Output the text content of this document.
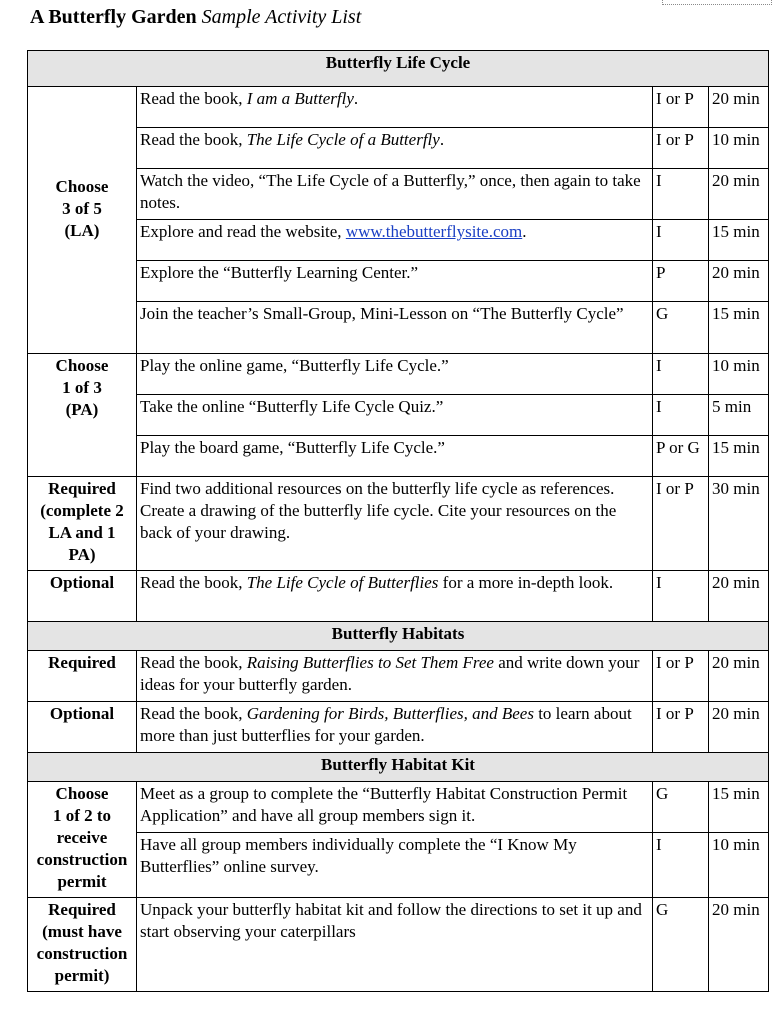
A Butterfly Garden Sample Activity List
Butterfly Life Cycle			
Choose
3 of 5
(LA)	Read the book, I am a Butterfly.	I or P	20 min
	Read the book, The Life Cycle of a Butterfly.	I or P	10 min
	Watch the video, “The Life Cycle of a Butterfly,” once, then again to take notes.	I	20 min
	Explore and read the website, www.thebutterflysite.com.	I	15 min
	Explore the “Butterfly Learning Center.”	P	20 min
	Join the teacher’s Small-Group, Mini-Lesson on “The Butterfly Cycle”	G	15 min
Choose
1 of 3
(PA)	Play the online game, “Butterfly Life Cycle.”	I	10 min
	Take the online “Butterfly Life Cycle Quiz.”	I	5 min
	Play the board game, “Butterfly Life Cycle.”	P or G	15 min
Required
(complete 2
LA and 1
PA)	Find two additional resources on the butterfly life cycle as references. Create a drawing of the butterfly life cycle. Cite your resources on the back of your drawing.	I or P	30 min
Optional	Read the book, The Life Cycle of Butterflies for a more in-depth look.	I	20 min
Butterfly Habitats			
Required	Read the book, Raising Butterflies to Set Them Free and write down your ideas for your butterfly garden.	I or P	20 min
Optional	Read the book, Gardening for Birds, Butterflies, and Bees to learn about more than just butterflies for your garden.	I or P	20 min
Butterfly Habitat Kit			
Choose
1 of 2 to
receive
construction
permit	Meet as a group to complete the “Butterfly Habitat Construction Permit Application” and have all group members sign it.	G	15 min
	Have all group members individually complete the “I Know My Butterflies” online survey.	I	10 min
Required
(must have
construction
permit)	Unpack your butterfly habitat kit and follow the directions to set it up and start observing your caterpillars	G	20 min
